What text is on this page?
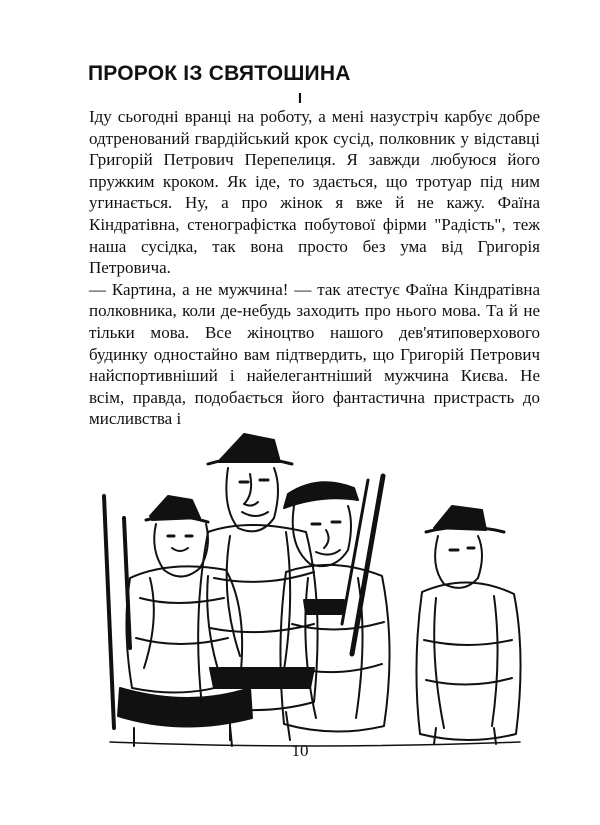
ПРОРОК ІЗ СВЯТОШИНА
I

Іду сьогодні вранці на роботу, а мені назустріч карбує добре одтренований гвардійський крок сусід, полковник у відставці Григорій Петрович Перепелиця. Я завжди любуюся його пружким кроком. Як іде, то здається, що тротуар під ним угинається. Ну, а про жінок я вже й не кажу. Фаїна Кіндратівна, стенографістка побутової фірми "Радість", теж наша сусідка, так вона просто без ума від Григорія Петровича.

— Картина, а не мужчина! — так атестує Фаїна Кіндратівна полковника, коли де-небудь заходить про нього мова. Та й не тільки мова. Все жіноцтво нашого дев'ятиповерхового будинку одностайно вам підтвердить, що Григорій Петрович найспортивніший і найелегантніший мужчина Києва. Не всім, правда, подобається його фантастична пристрасть до мисливства і

10
